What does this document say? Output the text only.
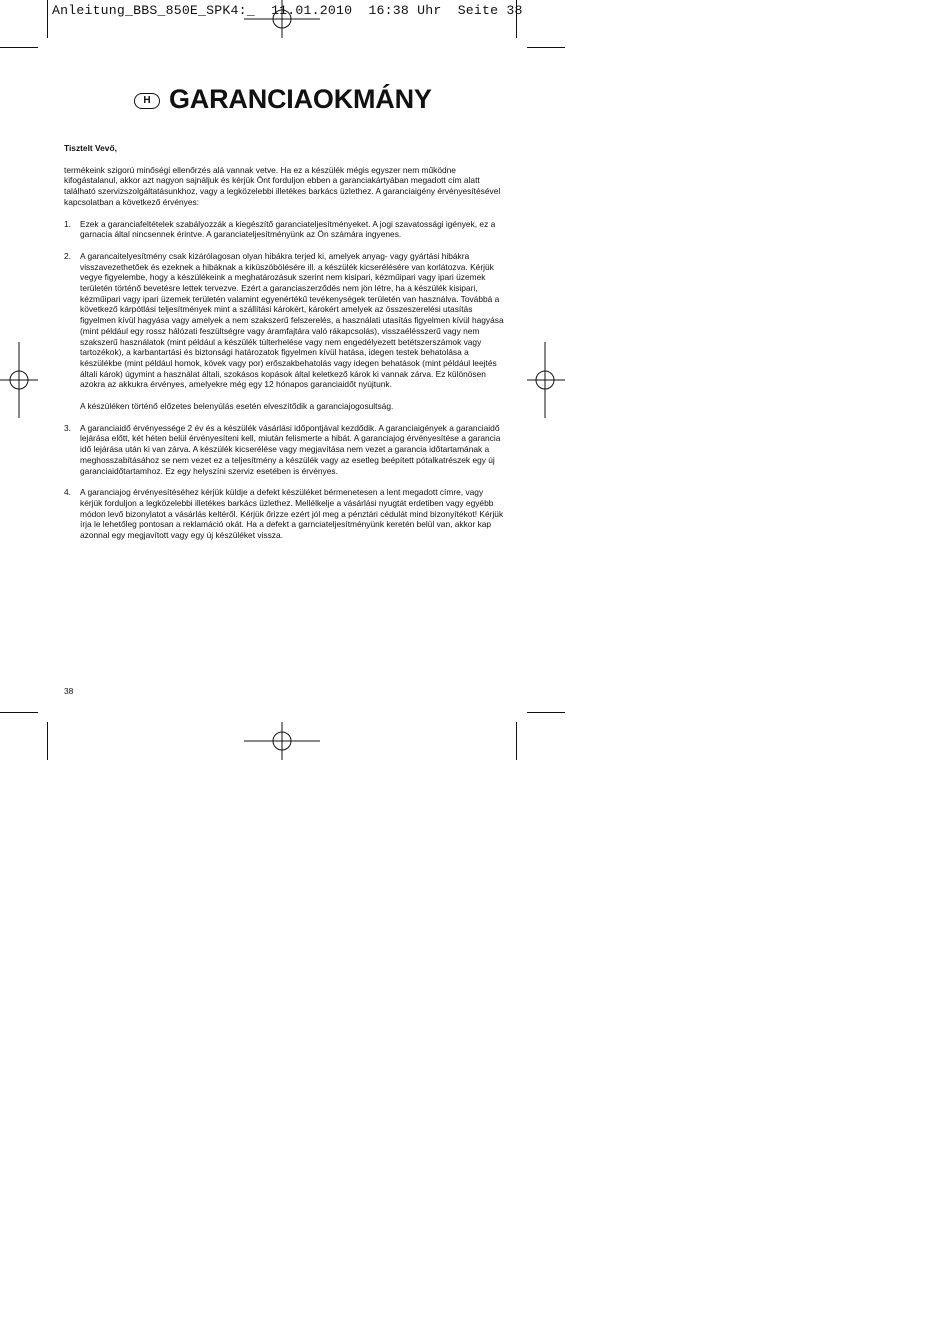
Anleitung_BBS_850E_SPK4:_  11.01.2010  16:38 Uhr  Seite 38
H GARANCIAOKMÁNY

Tisztelt Vevő,

termékeink szigorú minőségi ellenőrzés alá vannak vetve. Ha ez a készülék mégis egyszer nem működne kifogástalanul, akkor azt nagyon sajnáljuk és kérjük Önt forduljon ebben a garanciakártyában megadott cím alatt található szervizszolgáltatásunkhoz, vagy a legközelebbi illetékes barkács üzlethez. A garanciaigény érvényesítésével kapcsolatban a következő érvényes:

1.	Ezek a garanciafeltételek szabályozzák a kiegészítő garanciateljesítményeket. A jogi szavatossági igények, ez a garnacia által nincsennek érintve. A garanciateljesítményünk az Ön számára ingyenes.

2.	A garancaitelyesítmény csak kizárólagosan olyan hibákra terjed ki, amelyek anyag- vagy gyártási hibákra visszavezethetőek és ezeknek a hibáknak a kiküszöbölésére ill. a készülék kicserélésére van korlátozva. Kérjük vegye figyelembe, hogy a készülékeink a meghatározásuk szerint nem kisipari, kézműipari vagy ipari üzemek területén történő bevetésre lettek tervezve. Ezért a garanciaszerződés nem jön létre, ha a készülék kisipari, kézműipari vagy ipari üzemek területén valamint egyenértékű tevékenységek területén van használva. Továbbá a következő kárpótlási teljesítmények mint a szállítási károkért, károkért amelyek az összeszerelési utasítás figyelmen kívül hagyása vagy amelyek a nem szakszerű felszerelés, a használati utasítás figyelmen kívül hagyása (mint például egy rossz hálózati feszültségre vagy áramfajtára való rákapcsolás), visszaélésszerű vagy nem szakszerű használatok (mint például a készülék túlterhelése vagy nem engedélyezett betétszerszámok vagy tartozékok), a karbantartási és biztonsági határozatok figyelmen kívül hatása, idegen testek behatolása a készülékbe (mint például homok, kövek vagy por) erőszakbehatolás vagy idegen behatások (mint például leejtés általi károk) úgymint a használat általi, szokásos kopások által keletkező károk ki vannak zárva. Ez különösen azokra az akkukra érvényes, amelyekre még egy 12 hónapos garanciaidőt nyújtunk.

A készüléken történő előzetes belenyúlás esetén elveszítődik a garanciajogosultság.

3.	A garanciaidő érvényessége 2 év és a készülék vásárlási időpontjával kezdődik. A garanciaigények a garanciaidő lejárása előtt, két héten belül érvényesíteni kell, miután felismerte a hibát. A garanciajog érvényesítése a garancia idő lejárása után ki van zárva. A készülék kicserélése vagy megjavítása nem vezet a garancia időtartamának a meghosszabításához se nem vezet ez a teljesítmény a készülék vagy az esetleg beépített pótalkatrészek egy új garanciaidőtartamhoz. Ez egy helyszíni szerviz esetében is érvényes.

4.	A garanciajog érvényesítéséhez kérjük küldje a defekt készüléket bérmenetesen a lent megadott címre, vagy kérjük forduljon a legközelebbi illetékes barkács üzlethez. Mellélkelje a vásárlási nyugtát erdetiben vagy egyébb módon levő bizonylatot a vásárlás keltéről. Kérjük őrizze ezért jól meg a pénztári cédulát mind bizonyítékot! Kérjük írja le lehetőleg pontosan a reklamáció okát. Ha a defekt a garnciateljesítményünk keretén belül van, akkor kap azonnal egy megjavított vagy egy új készüléket vissza.

38
